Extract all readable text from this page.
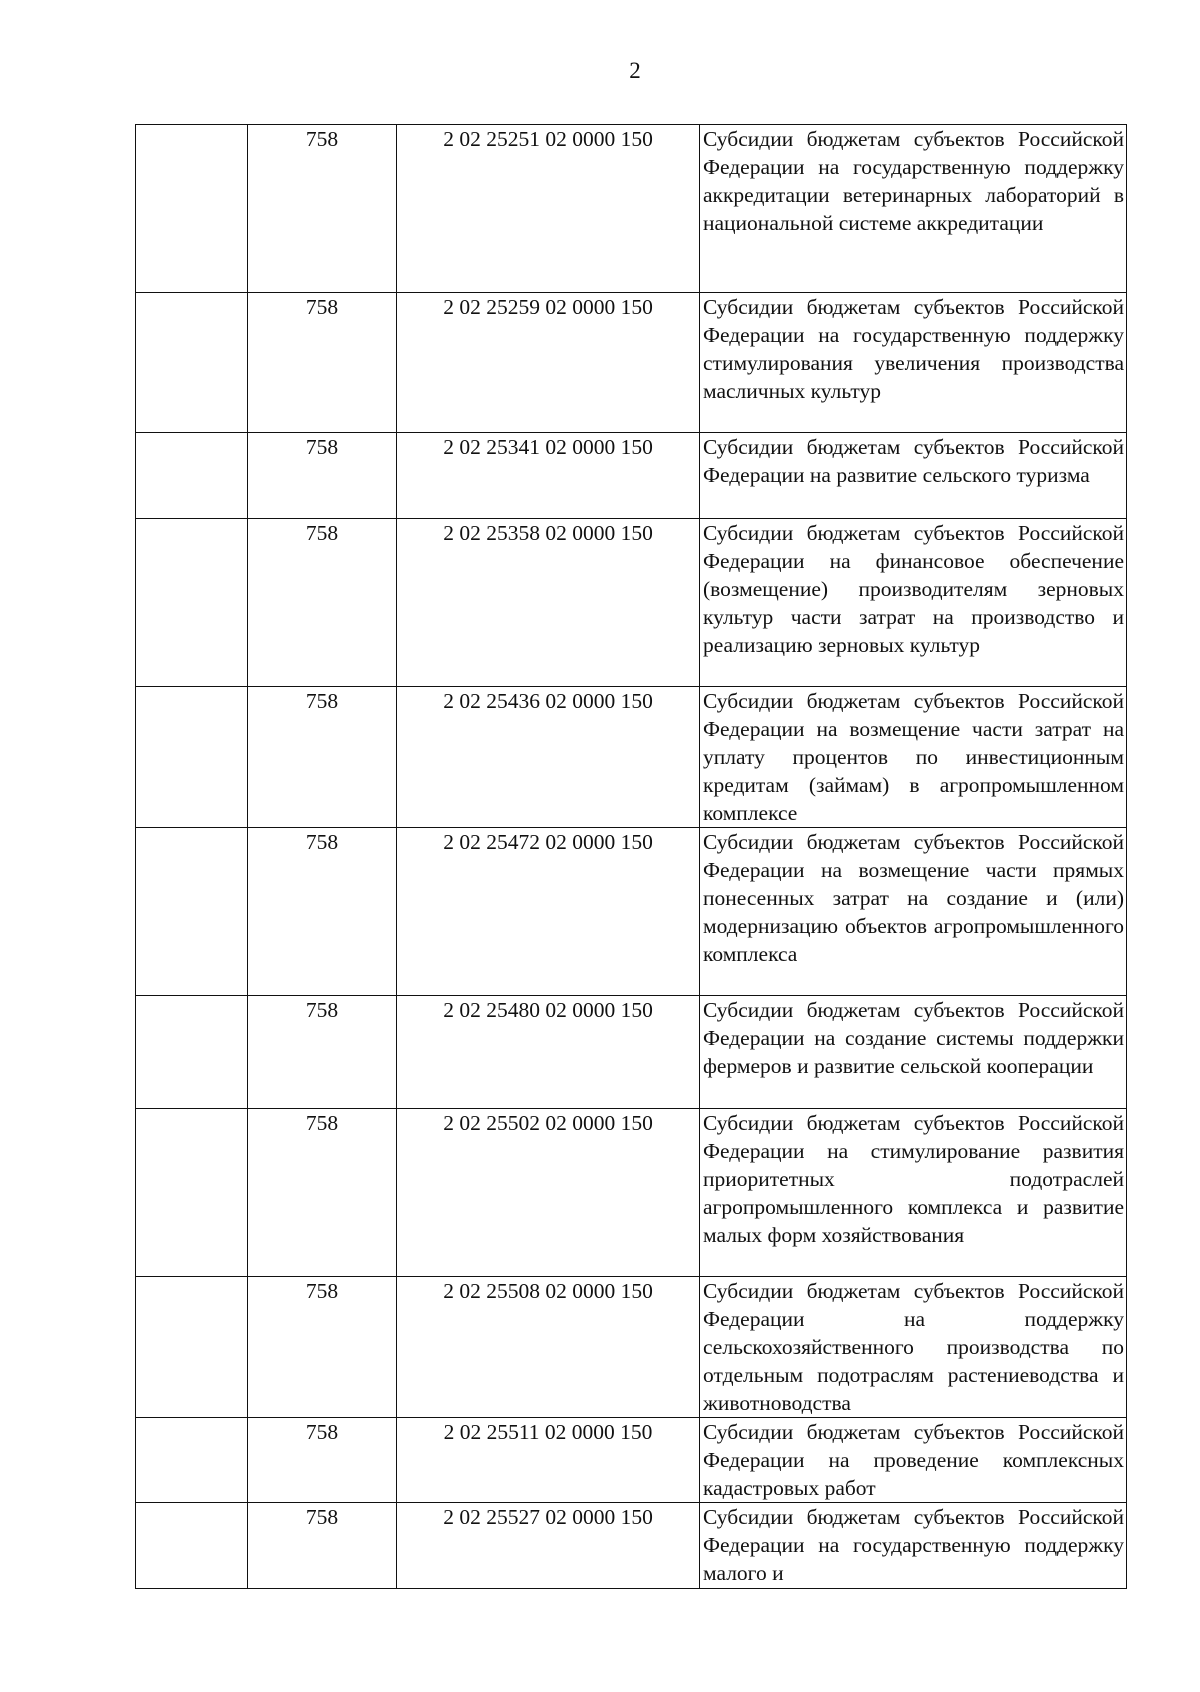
2
	758	2 02 25251 02 0000 150	Субсидии бюджетам субъектов Российской Федерации на государственную поддержку аккредитации ветеринарных лабораторий в национальной системе аккредитации
	758	2 02 25259 02 0000 150	Субсидии бюджетам субъектов Российской Федерации на государственную поддержку стимулирования увеличения производства масличных культур
	758	2 02 25341 02 0000 150	Субсидии бюджетам субъектов Российской Федерации на развитие сельского туризма
	758	2 02 25358 02 0000 150	Субсидии бюджетам субъектов Российской Федерации на финансовое обеспечение (возмещение) производителям зерновых культур части затрат на производство и реализацию зерновых культур
	758	2 02 25436 02 0000 150	Субсидии бюджетам субъектов Российской Федерации на возмещение части затрат на уплату процентов по инвестиционным кредитам (займам) в агропромышленном комплексе
	758	2 02 25472 02 0000 150	Субсидии бюджетам субъектов Российской Федерации на возмещение части прямых понесенных затрат на создание и (или) модернизацию объектов агропромышленного комплекса
	758	2 02 25480 02 0000 150	Субсидии бюджетам субъектов Российской Федерации на создание системы поддержки фермеров и развитие сельской кооперации
	758	2 02 25502 02 0000 150	Субсидии бюджетам субъектов Российской Федерации на стимулирование развития приоритетных подотраслей агропромышленного комплекса и развитие малых форм хозяйствования
	758	2 02 25508 02 0000 150	Субсидии бюджетам субъектов Российской Федерации на поддержку сельскохозяйственного производства по отдельным подотраслям растениеводства и животноводства
	758	2 02 25511 02 0000 150	Субсидии бюджетам субъектов Российской Федерации на проведение комплексных кадастровых работ
	758	2 02 25527 02 0000 150	Субсидии бюджетам субъектов Российской Федерации на государственную поддержку малого и
